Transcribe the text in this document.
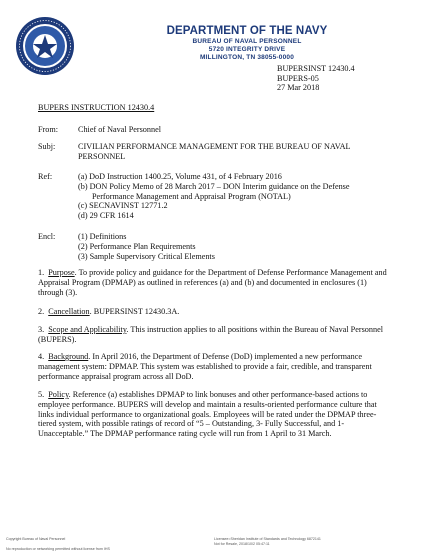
DEPARTMENT OF THE NAVY
BUREAU OF NAVAL PERSONNEL
5720 INTEGRITY DRIVE
MILLINGTON, TN 38055-0000
BUPERSINST 12430.4
BUPERS-05
27 Mar 2018
BUPERS INSTRUCTION 12430.4
From: Chief of Naval Personnel
Subj:	CIVILIAN PERFORMANCE MANAGEMENT FOR THE BUREAU OF NAVAL
PERSONNEL
Ref:	(a) DoD Instruction 1400.25, Volume 431, of 4 February 2016
(b) DON Policy Memo of 28 March 2017 – DON Interim guidance on the Defense
Performance Management and Appraisal Program (NOTAL)
(c) SECNAVINST 12771.2
(d) 29 CFR 1614
Encl:	(1) Definitions
(2) Performance Plan Requirements
(3) Sample Supervisory Critical Elements
1. Purpose. To provide policy and guidance for the Department of Defense Performance Management and Appraisal Program (DPMAP) as outlined in references (a) and (b) and documented in enclosures (1) through (3).
2. Cancellation. BUPERSINST 12430.3A.
3. Scope and Applicability. This instruction applies to all positions within the Bureau of Naval Personnel (BUPERS).
4. Background. In April 2016, the Department of Defense (DoD) implemented a new performance management system: DPMAP. This system was established to provide a fair, credible, and transparent performance appraisal program across all DoD.
5. Policy. Reference (a) establishes DPMAP to link bonuses and other performance-based actions to employee performance. BUPERS will develop and maintain a results-oriented performance culture that links individual performance to organizational goals. Employees will be rated under the DPMAP three-tiered system, with possible ratings of record of “5 – Outstanding, 3- Fully Successful, and 1-Unacceptable.” The DPMAP performance rating cycle will run from 1 April to 31 March.
Copyright Bureau of Naval Personnel
No reproduction or networking permitted without license from IHS
Licensee=Sheridan Institute of Standards and Technology 6872141
Not for Resale, 2018/10/2 05:47:11
